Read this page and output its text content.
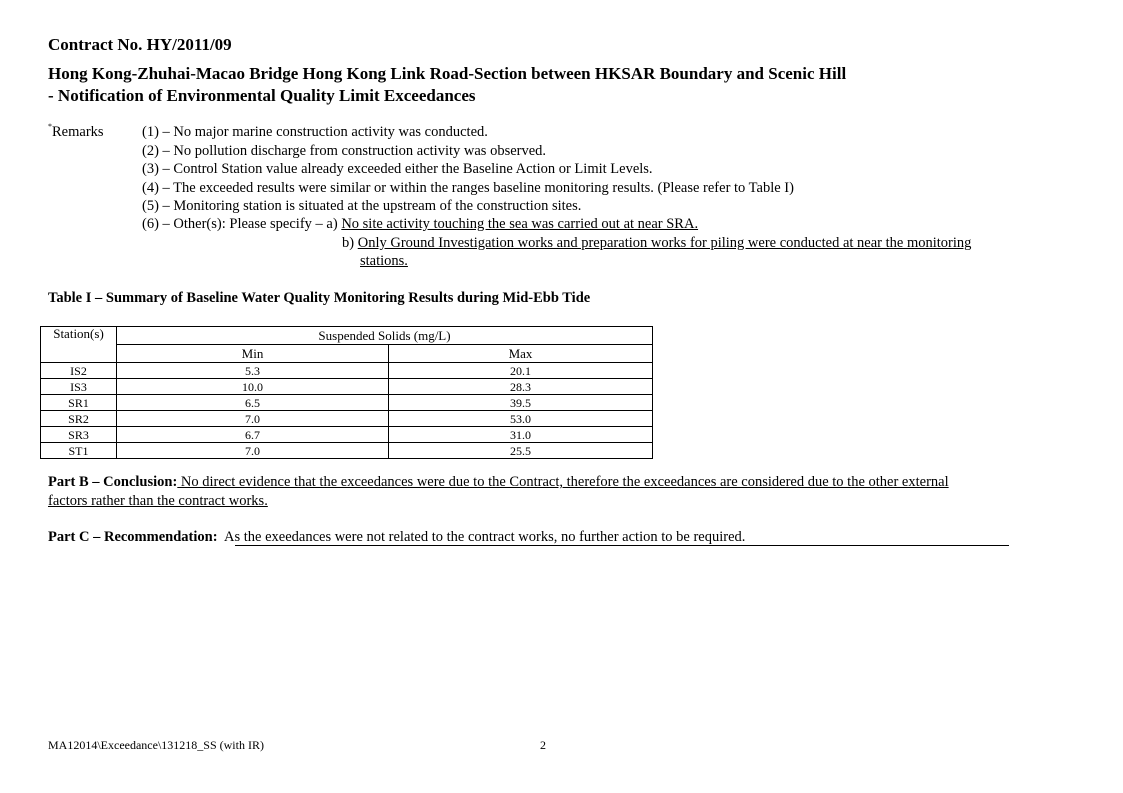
Contract No. HY/2011/09
Hong Kong-Zhuhai-Macao Bridge Hong Kong Link Road-Section between HKSAR Boundary and Scenic Hill
- Notification of Environmental Quality Limit Exceedances
*Remarks	(1) – No major marine construction activity was conducted.
(2) – No pollution discharge from construction activity was observed.
(3) – Control Station value already exceeded either the Baseline Action or Limit Levels.
(4) – The exceeded results were similar or within the ranges baseline monitoring results. (Please refer to Table I)
(5) – Monitoring station is situated at the upstream of the construction sites.
(6) – Other(s): Please specify – a) No site activity touching the sea was carried out at near SRA.
b) Only Ground Investigation works and preparation works for piling were conducted at near the monitoring
stations.
Table I – Summary of Baseline Water Quality Monitoring Results during Mid-Ebb Tide
Station(s)	Suspended Solids (mg/L)	
	Min	Max
IS2	5.3	20.1
IS3	10.0	28.3
SR1	6.5	39.5
SR2	7.0	53.0
SR3	6.7	31.0
ST1	7.0	25.5
Part B – Conclusion: No direct evidence that the exceedances were due to the Contract, therefore the exceedances are considered due to the other external
factors rather than the contract works.
Part C – Recommendation:  As the exeedances were not related to the contract works, no further action to be required.
MA12014\Exceedance\131218_SS (with IR)	2
